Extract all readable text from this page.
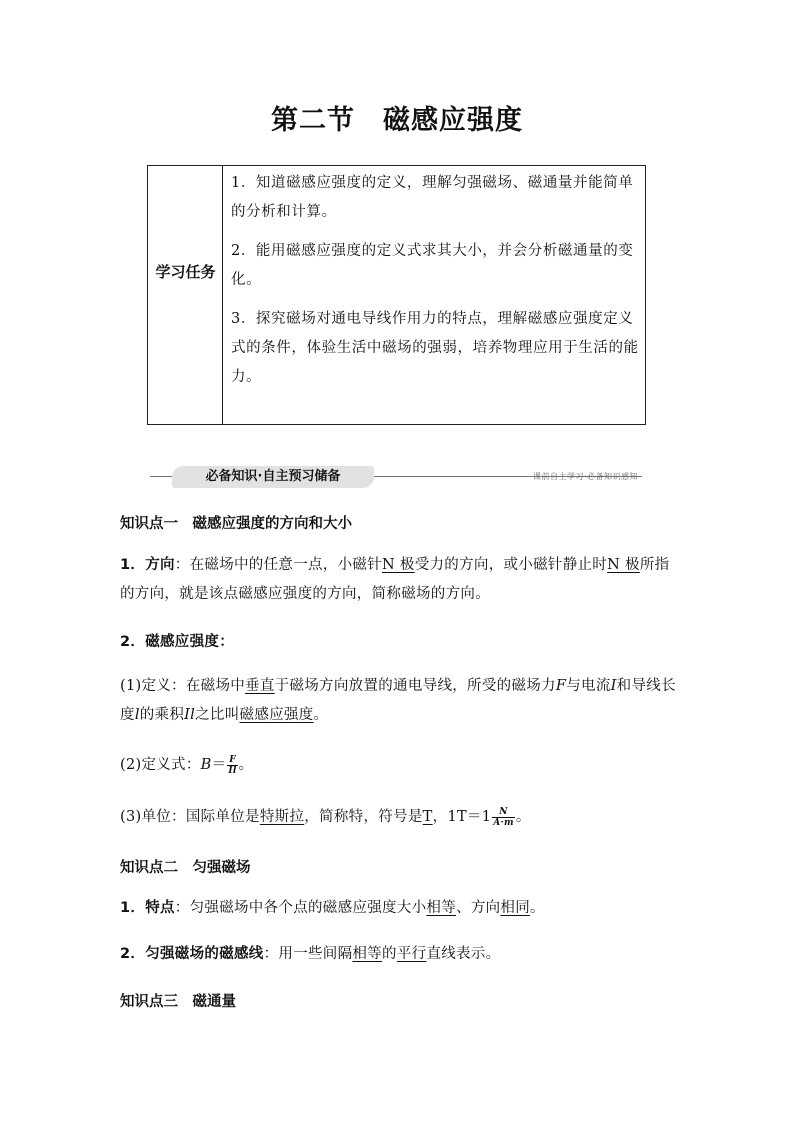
第二节　磁感应强度
学习任务
1．知道磁感应强度的定义，理解匀强磁场、磁通量并能简单的分析和计算。
2．能用磁感应强度的定义式求其大小，并会分析磁通量的变化。
3．探究磁场对通电导线作用力的特点，理解磁感应强度定义式的条件，体验生活中磁场的强弱，培养物理应用于生活的能力。
必备知识·自主预习储备	课前自主学习·必备知识感知
知识点一　磁感应强度的方向和大小
1．方向：在磁场中的任意一点，小磁针N 极受力的方向，或小磁针静止时N 极所指的方向，就是该点磁感应强度的方向，简称磁场的方向。
2．磁感应强度：
(1)定义：在磁场中垂直于磁场方向放置的通电导线，所受的磁场力F与电流I和导线长度l的乘积Il之比叫磁感应强度。
(2)定义式：$B= \frac{F}{Il}$ 。
(3)单位：国际单位是特斯拉，简称特，符号是T，$1T=1 \frac{N}{A\cdot m}$ 。
知识点二　匀强磁场
1．特点：匀强磁场中各个点的磁感应强度大小相等、方向相同。
2．匀强磁场的磁感线：用一些间隔相等的平行直线表示。
知识点三　磁通量
